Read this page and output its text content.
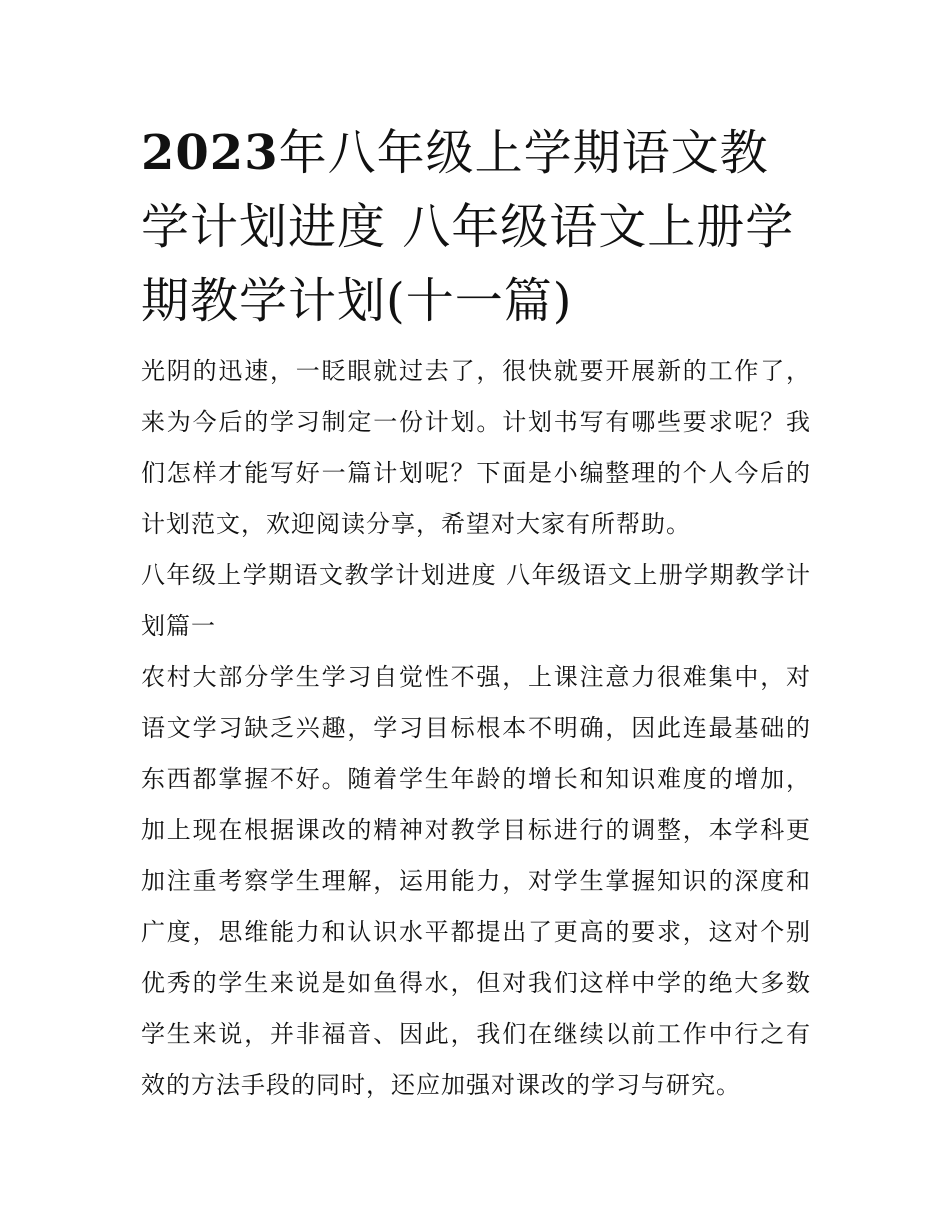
2023年八年级上学期语文教学计划进度 八年级语文上册学期教学计划(十一篇)

光阴的迅速，一眨眼就过去了，很快就要开展新的工作了，来为今后的学习制定一份计划。计划书写有哪些要求呢？我们怎样才能写好一篇计划呢？下面是小编整理的个人今后的计划范文，欢迎阅读分享，希望对大家有所帮助。

八年级上学期语文教学计划进度 八年级语文上册学期教学计划篇一

农村大部分学生学习自觉性不强，上课注意力很难集中，对语文学习缺乏兴趣，学习目标根本不明确，因此连最基础的东西都掌握不好。随着学生年龄的增长和知识难度的增加，加上现在根据课改的精神对教学目标进行的调整，本学科更加注重考察学生理解，运用能力，对学生掌握知识的深度和广度，思维能力和认识水平都提出了更高的要求，这对个别优秀的学生来说是如鱼得水，但对我们这样中学的绝大多数学生来说，并非福音、因此，我们在继续以前工作中行之有效的方法手段的同时，还应加强对课改的学习与研究。
